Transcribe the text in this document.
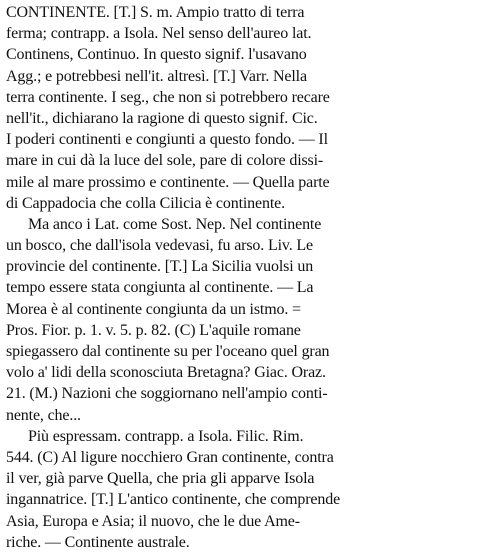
CONTINENTE. [T.] S. m. Ampio tratto di terra
ferma; contrapp. a Isola. Nel senso dell'aureo lat.
Continens, Continuo. In questo signif. l'usavano
Agg.; e potrebbesi nell'it. altresì. [T.] Varr. Nella
terra continente. I seg., che non si potrebbero recare
nell'it., dichiarano la ragione di questo signif. Cic.
I poderi continenti e congiunti a questo fondo. — Il
mare in cui dà la luce del sole, pare di colore dissi-
mile al mare prossimo e continente. — Quella parte
di Cappadocia che colla Cilicia è continente.
Ma anco i Lat. come Sost. Nep. Nel continente
un bosco, che dall'isola vedevasi, fu arso. Liv. Le
provincie del continente. [T.] La Sicilia vuolsi un
tempo essere stata congiunta al continente. — La
Morea è al continente congiunta da un istmo. =
Pros. Fior. p. 1. v. 5. p. 82. (C) L'aquile romane
spiegassero dal continente su per l'oceano quel gran
volo a' lidi della sconosciuta Bretagna? Giac. Oraz.
21. (M.) Nazioni che soggiornano nell'ampio conti-
nente, che...
Più espressam. contrapp. a Isola. Filic. Rim.
544. (C) Al ligure nocchiero Gran continente, contra
il ver, già parve Quella, che pria gli apparve Isola
ingannatrice. [T.] L'antico continente, che comprende
Asia, Europa e Asia; il nuovo, che le due Ame-
riche. — Continente australe.
